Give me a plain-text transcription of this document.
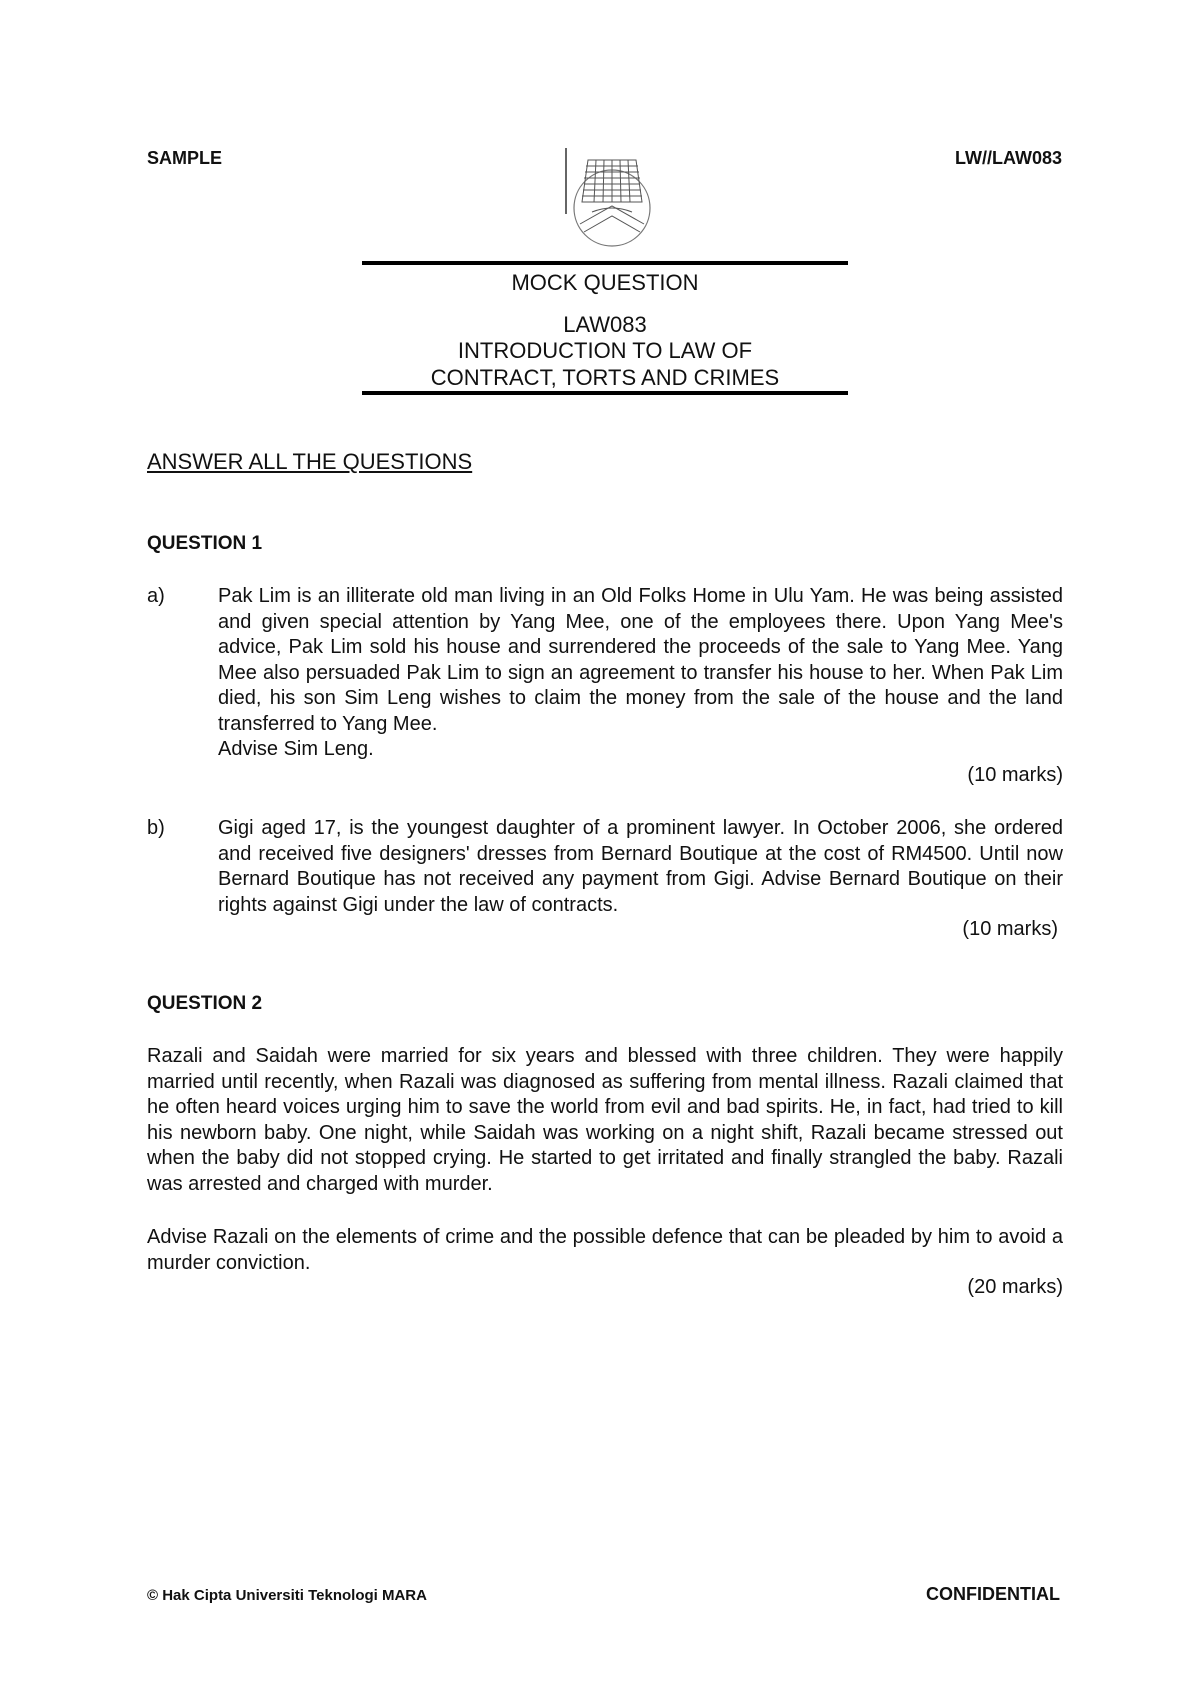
SAMPLE	LW//LAW083
MOCK QUESTION
LAW083
INTRODUCTION TO LAW OF
CONTRACT, TORTS AND CRIMES
ANSWER ALL THE QUESTIONS
QUESTION 1
a)	Pak Lim is an illiterate old man living in an Old Folks Home in Ulu Yam. He was being assisted and given special attention by Yang Mee, one of the employees there. Upon Yang Mee's advice, Pak Lim sold his house and surrendered the proceeds of the sale to Yang Mee. Yang Mee also persuaded Pak Lim to sign an agreement to transfer his house to her. When Pak Lim died, his son Sim Leng wishes to claim the money from the sale of the house and the land transferred to Yang Mee.
Advise Sim Leng.
(10 marks)
b)	Gigi aged 17, is the youngest daughter of a prominent lawyer. In October 2006, she ordered and received five designers' dresses from Bernard Boutique at the cost of RM4500. Until now Bernard Boutique has not received any payment from Gigi. Advise Bernard Boutique on their rights against Gigi under the law of contracts.
(10 marks)
QUESTION 2
Razali and Saidah were married for six years and blessed with three children. They were happily married until recently, when Razali was diagnosed as suffering from mental illness. Razali claimed that he often heard voices urging him to save the world from evil and bad spirits. He, in fact, had tried to kill his newborn baby. One night, while Saidah was working on a night shift, Razali became stressed out when the baby did not stopped crying. He started to get irritated and finally strangled the baby. Razali was arrested and charged with murder.
Advise Razali on the elements of crime and the possible defence that can be pleaded by him to avoid a murder conviction.
(20 marks)
© Hak Cipta Universiti Teknologi MARA	CONFIDENTIAL
